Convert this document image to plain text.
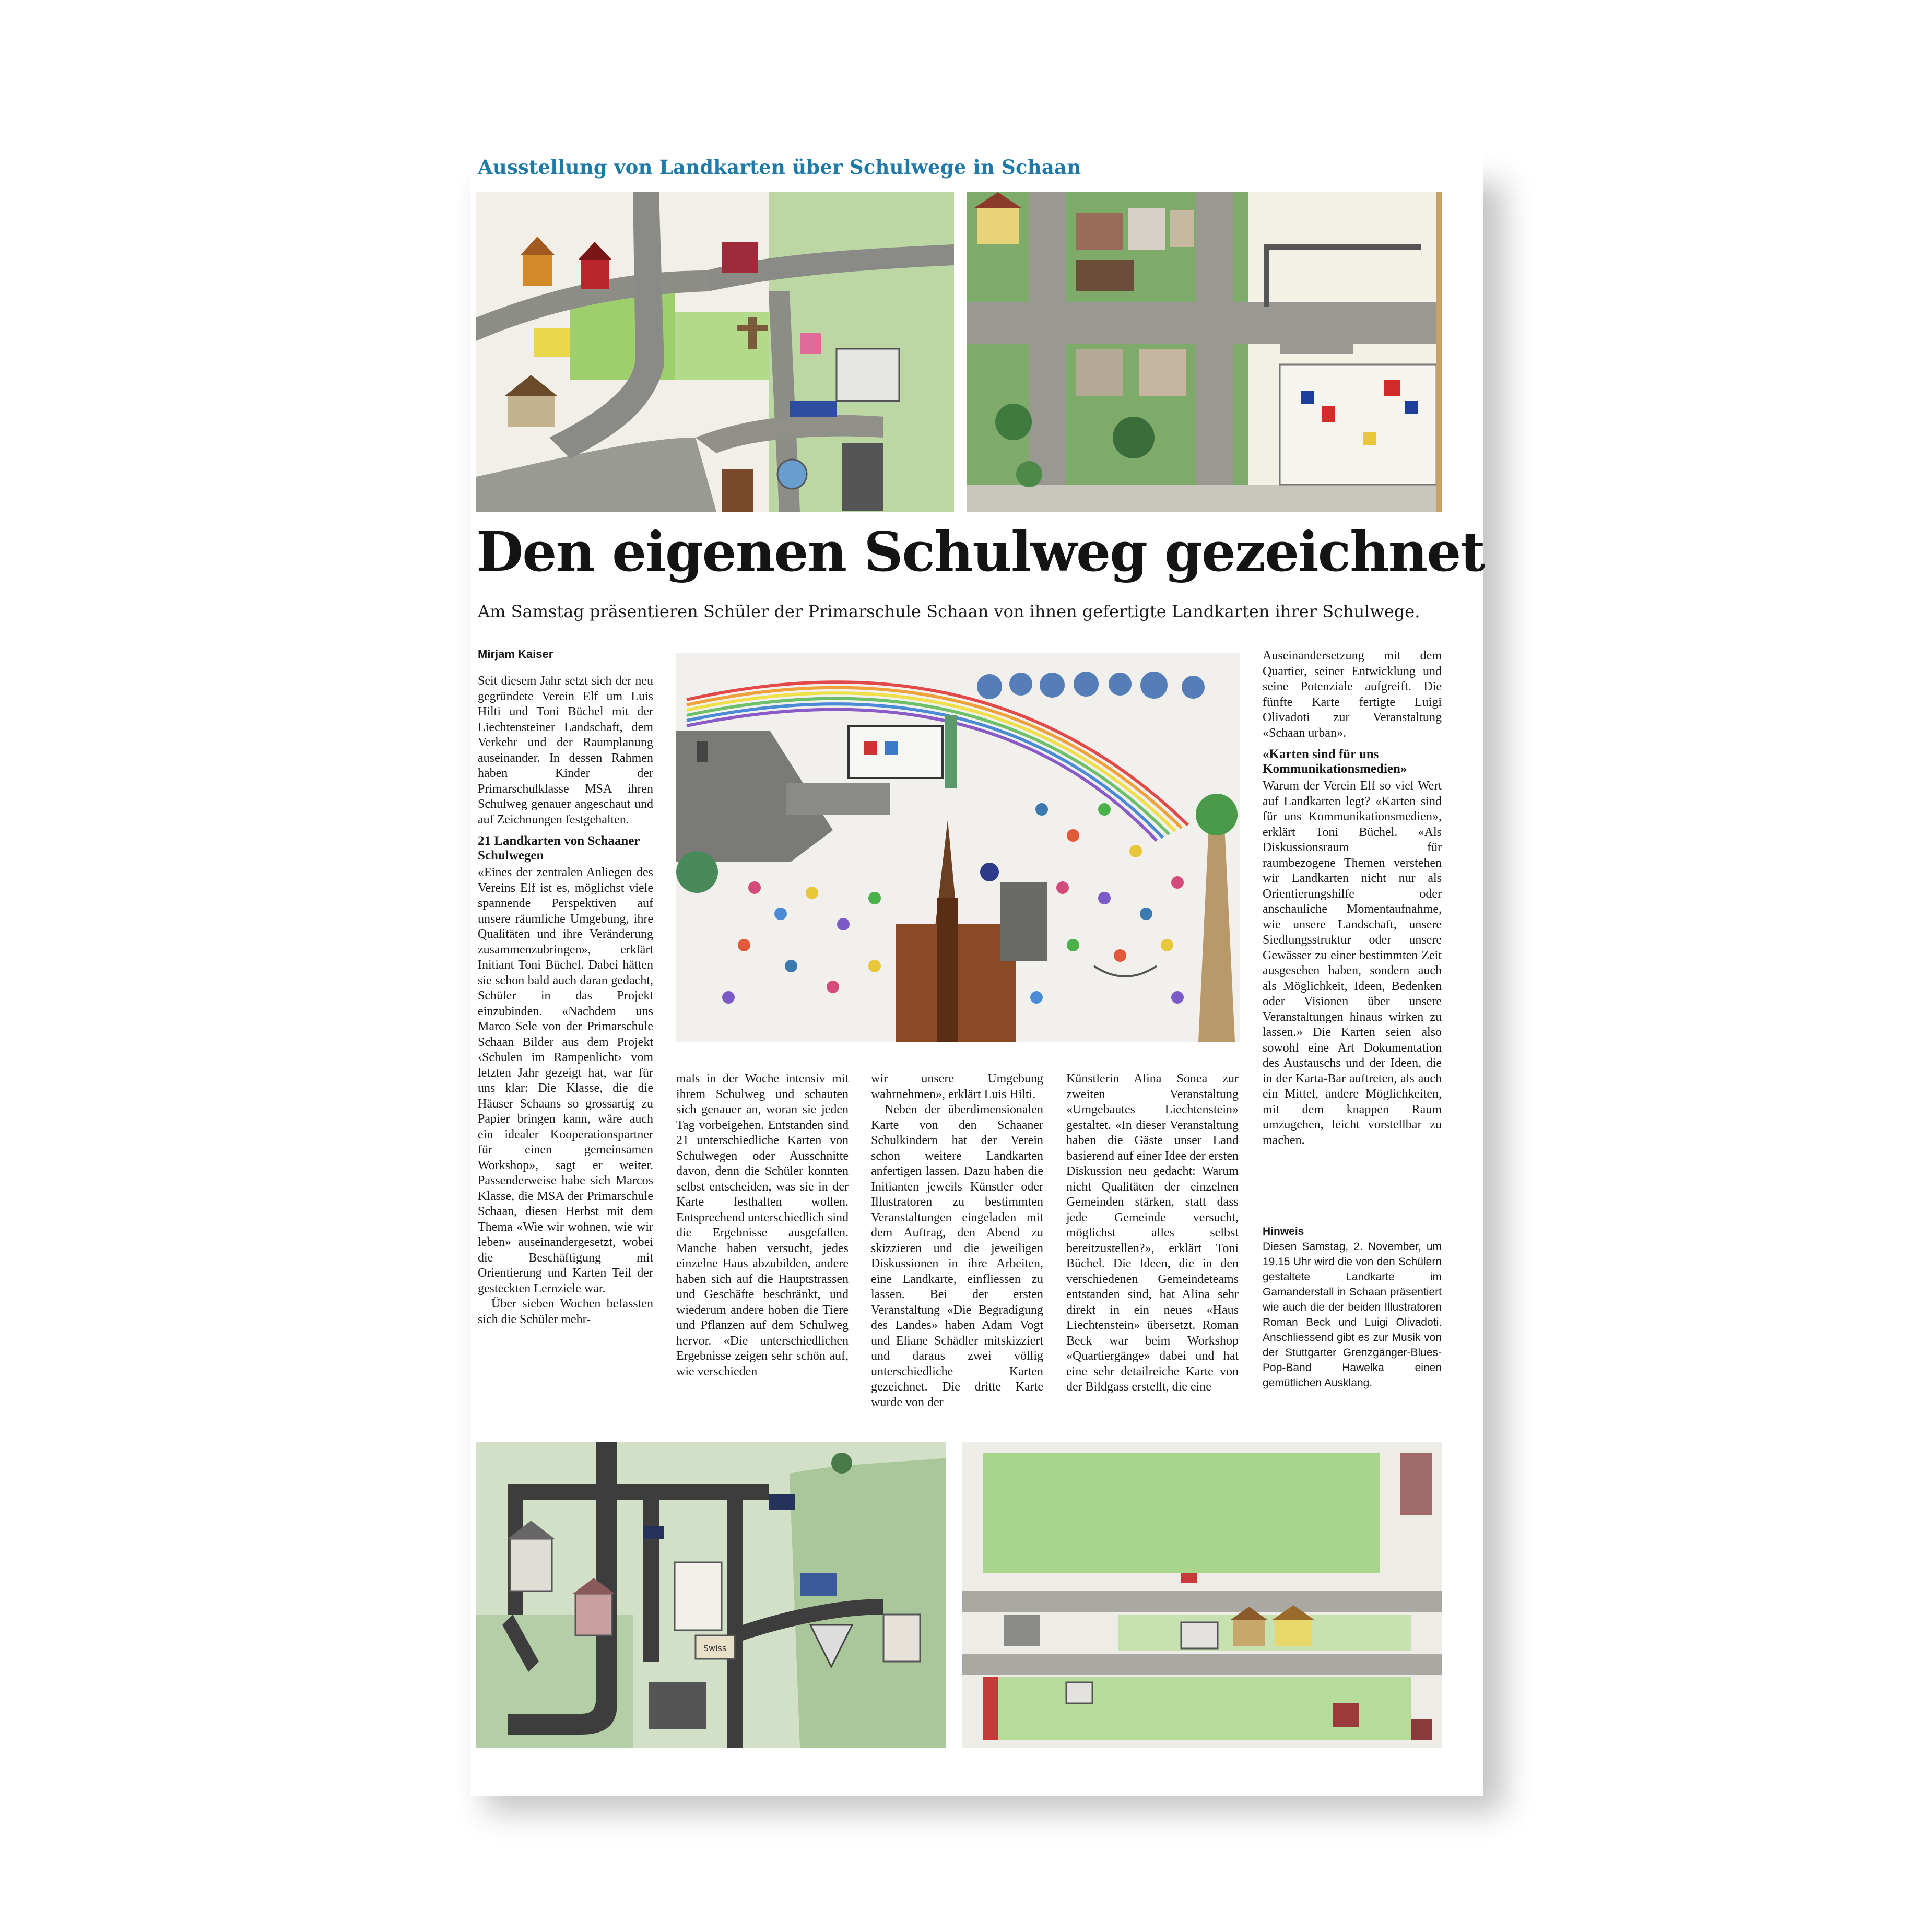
Ausstellung von Landkarten über Schulwege in Schaan
Den eigenen Schulweg gezeichnet
Am Samstag präsentieren Schüler der Primarschule Schaan von ihnen gefertigte Landkarten ihrer Schulwege.
Mirjam Kaiser

Seit diesem Jahr setzt sich der neu gegründete Verein Elf um Luis Hilti und Toni Büchel mit der Liechtensteiner Landschaft, dem Verkehr und der Raumplanung auseinander. In dessen Rahmen haben Kinder der Primarschulklasse MSA ihren Schulweg genauer angeschaut und auf Zeichnungen festgehalten.

21 Landkarten von Schaaner Schulwegen

«Eines der zentralen Anliegen des Vereins Elf ist es, möglichst viele spannende Perspektiven auf unsere räumliche Umgebung, ihre Qualitäten und ihre Veränderung zusammenzubringen», erklärt Initiant Toni Büchel. Dabei hätten sie schon bald auch daran gedacht, Schüler in das Projekt einzubinden. «Nachdem uns Marco Sele von der Primarschule Schaan Bilder aus dem Projekt ‹Schulen im Rampenlicht› vom letzten Jahr gezeigt hat, war für uns klar: Die Klasse, die die Häuser Schaans so grossartig zu Papier bringen kann, wäre auch ein idealer Kooperationspartner für einen gemeinsamen Workshop», sagt er weiter. Passenderweise habe sich Marcos Klasse, die MSA der Primarschule Schaan, diesen Herbst mit dem Thema «Wie wir wohnen, wie wir leben» auseinandergesetzt, wobei die Beschäftigung mit Orientierung und Karten Teil der gesteckten Lernziele war.

Über sieben Wochen befassten sich die Schüler mehr-

mals in der Woche intensiv mit ihrem Schulweg und schauten sich genauer an, woran sie jeden Tag vorbeigehen. Entstanden sind 21 unterschiedliche Karten von Schulwegen oder Ausschnitte davon, denn die Schüler konnten selbst entscheiden, was sie in der Karte festhalten wollen. Entsprechend unterschiedlich sind die Ergebnisse ausgefallen. Manche haben versucht, jedes einzelne Haus abzubilden, andere haben sich auf die Hauptstrassen und Geschäfte beschränkt, und wiederum andere hoben die Tiere und Pflanzen auf dem Schulweg hervor. «Die unterschiedlichen Ergebnisse zeigen sehr schön auf, wie verschieden

wir unsere Umgebung wahrnehmen», erklärt Luis Hilti.

Neben der überdimensionalen Karte von den Schaaner Schulkindern hat der Verein schon weitere Landkarten anfertigen lassen. Dazu haben die Initianten jeweils Künstler oder Illustratoren zu bestimmten Veranstaltungen eingeladen mit dem Auftrag, den Abend zu skizzieren und die jeweiligen Diskussionen in ihre Arbeiten, eine Landkarte, einfliessen zu lassen. Bei der ersten Veranstaltung «Die Begradigung des Landes» haben Adam Vogt und Eliane Schädler mitskizziert und daraus zwei völlig unterschiedliche Karten gezeichnet. Die dritte Karte wurde von der

Künstlerin Alina Sonea zur zweiten Veranstaltung «Umgebautes Liechtenstein» gestaltet. «In dieser Veranstaltung haben die Gäste unser Land basierend auf einer Idee der ersten Diskussion neu gedacht: Warum nicht Qualitäten der einzelnen Gemeinden stärken, statt dass jede Gemeinde versucht, möglichst alles selbst bereitzustellen?», erklärt Toni Büchel. Die Ideen, die in den verschiedenen Gemeindeteams entstanden sind, hat Alina sehr direkt in ein neues «Haus Liechtenstein» übersetzt. Roman Beck war beim Workshop «Quartiergänge» dabei und hat eine sehr detailreiche Karte von der Bildgass erstellt, die eine

Auseinandersetzung mit dem Quartier, seiner Entwicklung und seine Potenziale aufgreift. Die fünfte Karte fertigte Luigi Olivadoti zur Veranstaltung «Schaan urban».

«Karten sind für uns Kommunikationsmedien»

Warum der Verein Elf so viel Wert auf Landkarten legt? «Karten sind für uns Kommunikationsmedien», erklärt Toni Büchel. «Als Diskussionsraum für raumbezogene Themen verstehen wir Landkarten nicht nur als Orientierungshilfe oder anschauliche Momentaufnahme, wie unsere Landschaft, unsere Siedlungsstruktur oder unsere Gewässer zu einer bestimmten Zeit ausgesehen haben, sondern auch als Möglichkeit, Ideen, Bedenken oder Visionen über unsere Veranstaltungen hinaus wirken zu lassen.» Die Karten seien also sowohl eine Art Dokumentation des Austauschs und der Ideen, die in der Karta-Bar auftreten, als auch ein Mittel, andere Möglichkeiten, mit dem knappen Raum umzugehen, leicht vorstellbar zu machen.

Hinweis
Diesen Samstag, 2. November, um 19.15 Uhr wird die von den Schülern gestaltete Landkarte im Gamanderstall in Schaan präsentiert wie auch die der beiden Illustratoren Roman Beck und Luigi Olivadoti. Anschliessend gibt es zur Musik von der Stuttgarter Grenzgänger-Blues-Pop-Band Hawelka einen gemütlichen Ausklang.
Swiss
